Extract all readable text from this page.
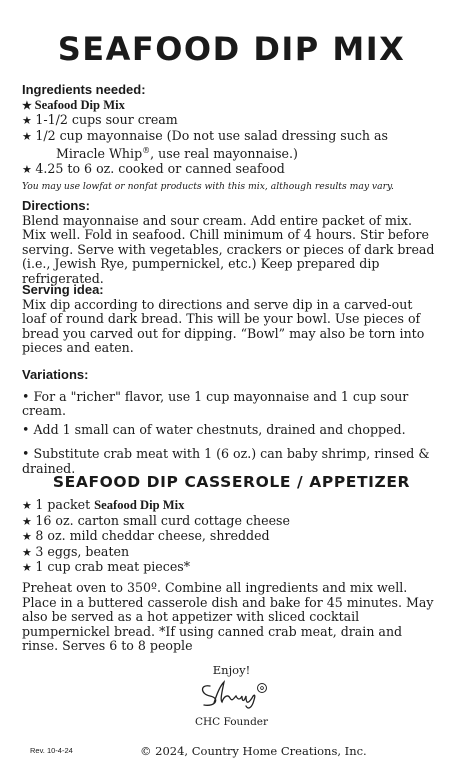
SEAFOOD DIP MIX
Ingredients needed:
★ Seafood Dip Mix
★ 1-1/2 cups sour cream
★ 1/2 cup mayonnaise (Do not use salad dressing such as
Miracle Whip®, use real mayonnaise.)
★ 4.25 to 6 oz. cooked or canned seafood
You may use lowfat or nonfat products with this mix, although results may vary.
Directions:
Blend mayonnaise and sour cream. Add entire packet of mix. Mix well. Fold in seafood. Chill minimum of 4 hours. Stir before serving. Serve with vegetables, crackers or pieces of dark bread (i.e., Jewish Rye, pumpernickel, etc.) Keep prepared dip refrigerated.
Serving idea:
Mix dip according to directions and serve dip in a carved-out loaf of round dark bread. This will be your bowl. Use pieces of bread you carved out for dipping. “Bowl” may also be torn into pieces and eaten.
Variations:
• For a "richer" flavor, use 1 cup mayonnaise and 1 cup sour cream.
• Add 1 small can of water chestnuts, drained and chopped.
• Substitute crab meat with 1 (6 oz.) can baby shrimp, rinsed & drained.
SEAFOOD DIP CASSEROLE / APPETIZER
★ 1 packet Seafood Dip Mix
★ 16 oz. carton small curd cottage cheese
★ 8 oz. mild cheddar cheese, shredded
★ 3 eggs, beaten
★ 1 cup crab meat pieces*
Preheat oven to 350º. Combine all ingredients and mix well. Place in a buttered casserole dish and bake for 45 minutes. May also be served as a hot appetizer with sliced cocktail pumpernickel bread. *If using canned crab meat, drain and rinse. Serves 6 to 8 people
Enjoy!
CHC Founder
Rev. 10-4-24	© 2024, Country Home Creations, Inc.
